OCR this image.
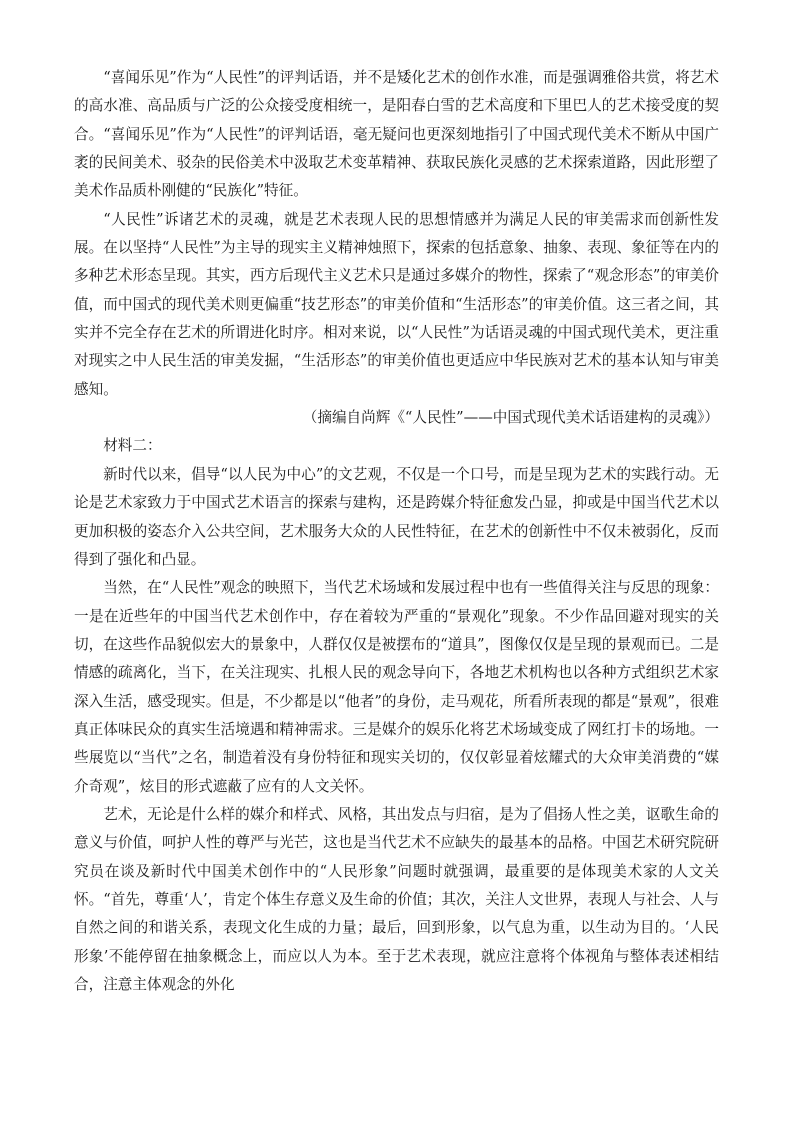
“喜闻乐见”作为“人民性”的评判话语，并不是矮化艺术的创作水准，而是强调雅俗共赏，将艺术的高水准、高品质与广泛的公众接受度相统一，是阳春白雪的艺术高度和下里巴人的艺术接受度的契合。“喜闻乐见”作为“人民性”的评判话语，毫无疑问也更深刻地指引了中国式现代美术不断从中国广袤的民间美术、驳杂的民俗美术中汲取艺术变革精神、获取民族化灵感的艺术探索道路，因此形塑了美术作品质朴刚健的“民族化”特征。

“人民性”诉诸艺术的灵魂，就是艺术表现人民的思想情感并为满足人民的审美需求而创新性发展。在以坚持“人民性”为主导的现实主义精神烛照下，探索的包括意象、抽象、表现、象征等在内的多种艺术形态呈现。其实，西方后现代主义艺术只是通过多媒介的物性，探索了“观念形态”的审美价值，而中国式的现代美术则更偏重“技艺形态”的审美价值和“生活形态”的审美价值。这三者之间，其实并不完全存在艺术的所谓进化时序。相对来说，以“人民性”为话语灵魂的中国式现代美术，更注重对现实之中人民生活的审美发掘，“生活形态”的审美价值也更适应中华民族对艺术的基本认知与审美感知。

（摘编自尚辉《“人民性”——中国式现代美术话语建构的灵魂》）

材料二：

新时代以来，倡导“以人民为中心”的文艺观，不仅是一个口号，而是呈现为艺术的实践行动。无论是艺术家致力于中国式艺术语言的探索与建构，还是跨媒介特征愈发凸显，抑或是中国当代艺术以更加积极的姿态介入公共空间，艺术服务大众的人民性特征，在艺术的创新性中不仅未被弱化，反而得到了强化和凸显。

当然，在“人民性”观念的映照下，当代艺术场域和发展过程中也有一些值得关注与反思的现象：一是在近些年的中国当代艺术创作中，存在着较为严重的“景观化”现象。不少作品回避对现实的关切，在这些作品貌似宏大的景象中，人群仅仅是被摆布的“道具”，图像仅仅是呈现的景观而已。二是情感的疏离化，当下，在关注现实、扎根人民的观念导向下，各地艺术机构也以各种方式组织艺术家深入生活，感受现实。但是，不少都是以“他者”的身份，走马观花，所看所表现的都是“景观”，很难真正体味民众的真实生活境遇和精神需求。三是媒介的娱乐化将艺术场域变成了网红打卡的场地。一些展览以“当代”之名，制造着没有身份特征和现实关切的，仅仅彰显着炫耀式的大众审美消费的“媒介奇观”，炫目的形式遮蔽了应有的人文关怀。

艺术，无论是什么样的媒介和样式、风格，其出发点与归宿，是为了倡扬人性之美，讴歌生命的意义与价值，呵护人性的尊严与光芒，这也是当代艺术不应缺失的最基本的品格。中国艺术研究院研究员在谈及新时代中国美术创作中的“人民形象”问题时就强调，最重要的是体现美术家的人文关怀。“首先，尊重‘人’，肯定个体生存意义及生命的价值；其次，关注人文世界，表现人与社会、人与自然之间的和谐关系，表现文化生成的力量；最后，回到形象，以气息为重，以生动为目的。‘人民形象’不能停留在抽象概念上，而应以人为本。至于艺术表现，就应注意将个体视角与整体表述相结合，注意主体观念的外化
